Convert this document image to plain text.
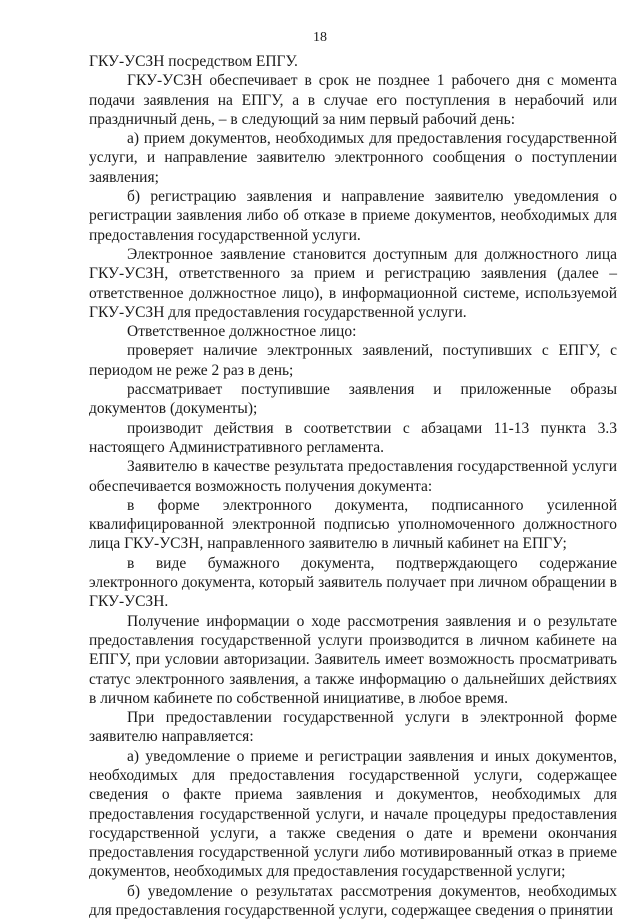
18

ГКУ-УСЗН посредством ЕПГУ.

ГКУ-УСЗН обеспечивает в срок не позднее 1 рабочего дня с момента подачи заявления на ЕПГУ, а в случае его поступления в нерабочий или праздничный день, – в следующий за ним первый рабочий день:

а) прием документов, необходимых для предоставления государственной услуги, и направление заявителю электронного сообщения о поступлении заявления;

б) регистрацию заявления и направление заявителю уведомления о регистрации заявления либо об отказе в приеме документов, необходимых для предоставления государственной услуги.

Электронное заявление становится доступным для должностного лица ГКУ-УСЗН, ответственного за прием и регистрацию заявления (далее – ответственное должностное лицо), в информационной системе, используемой ГКУ-УСЗН для предоставления государственной услуги.

Ответственное должностное лицо:

проверяет наличие электронных заявлений, поступивших с ЕПГУ, с периодом не реже 2 раз в день;

рассматривает поступившие заявления и приложенные образы документов (документы);

производит действия в соответствии с абзацами 11-13 пункта 3.3 настоящего Административного регламента.

Заявителю в качестве результата предоставления государственной услуги обеспечивается возможность получения документа:

в форме электронного документа, подписанного усиленной квалифицированной электронной подписью уполномоченного должностного лица ГКУ-УСЗН, направленного заявителю в личный кабинет на ЕПГУ;

в виде бумажного документа, подтверждающего содержание электронного документа, который заявитель получает при личном обращении в ГКУ-УСЗН.

Получение информации о ходе рассмотрения заявления и о результате предоставления государственной услуги производится в личном кабинете на ЕПГУ, при условии авторизации. Заявитель имеет возможность просматривать статус электронного заявления, а также информацию о дальнейших действиях в личном кабинете по собственной инициативе, в любое время.

При предоставлении государственной услуги в электронной форме заявителю направляется:

а) уведомление о приеме и регистрации заявления и иных документов, необходимых для предоставления государственной услуги, содержащее сведения о факте приема заявления и документов, необходимых для предоставления государственной услуги, и начале процедуры предоставления государственной услуги, а также сведения о дате и времени окончания предоставления государственной услуги либо мотивированный отказ в приеме документов, необходимых для предоставления государственной услуги;

б) уведомление о результатах рассмотрения документов, необходимых для предоставления государственной услуги, содержащее сведения о принятии
